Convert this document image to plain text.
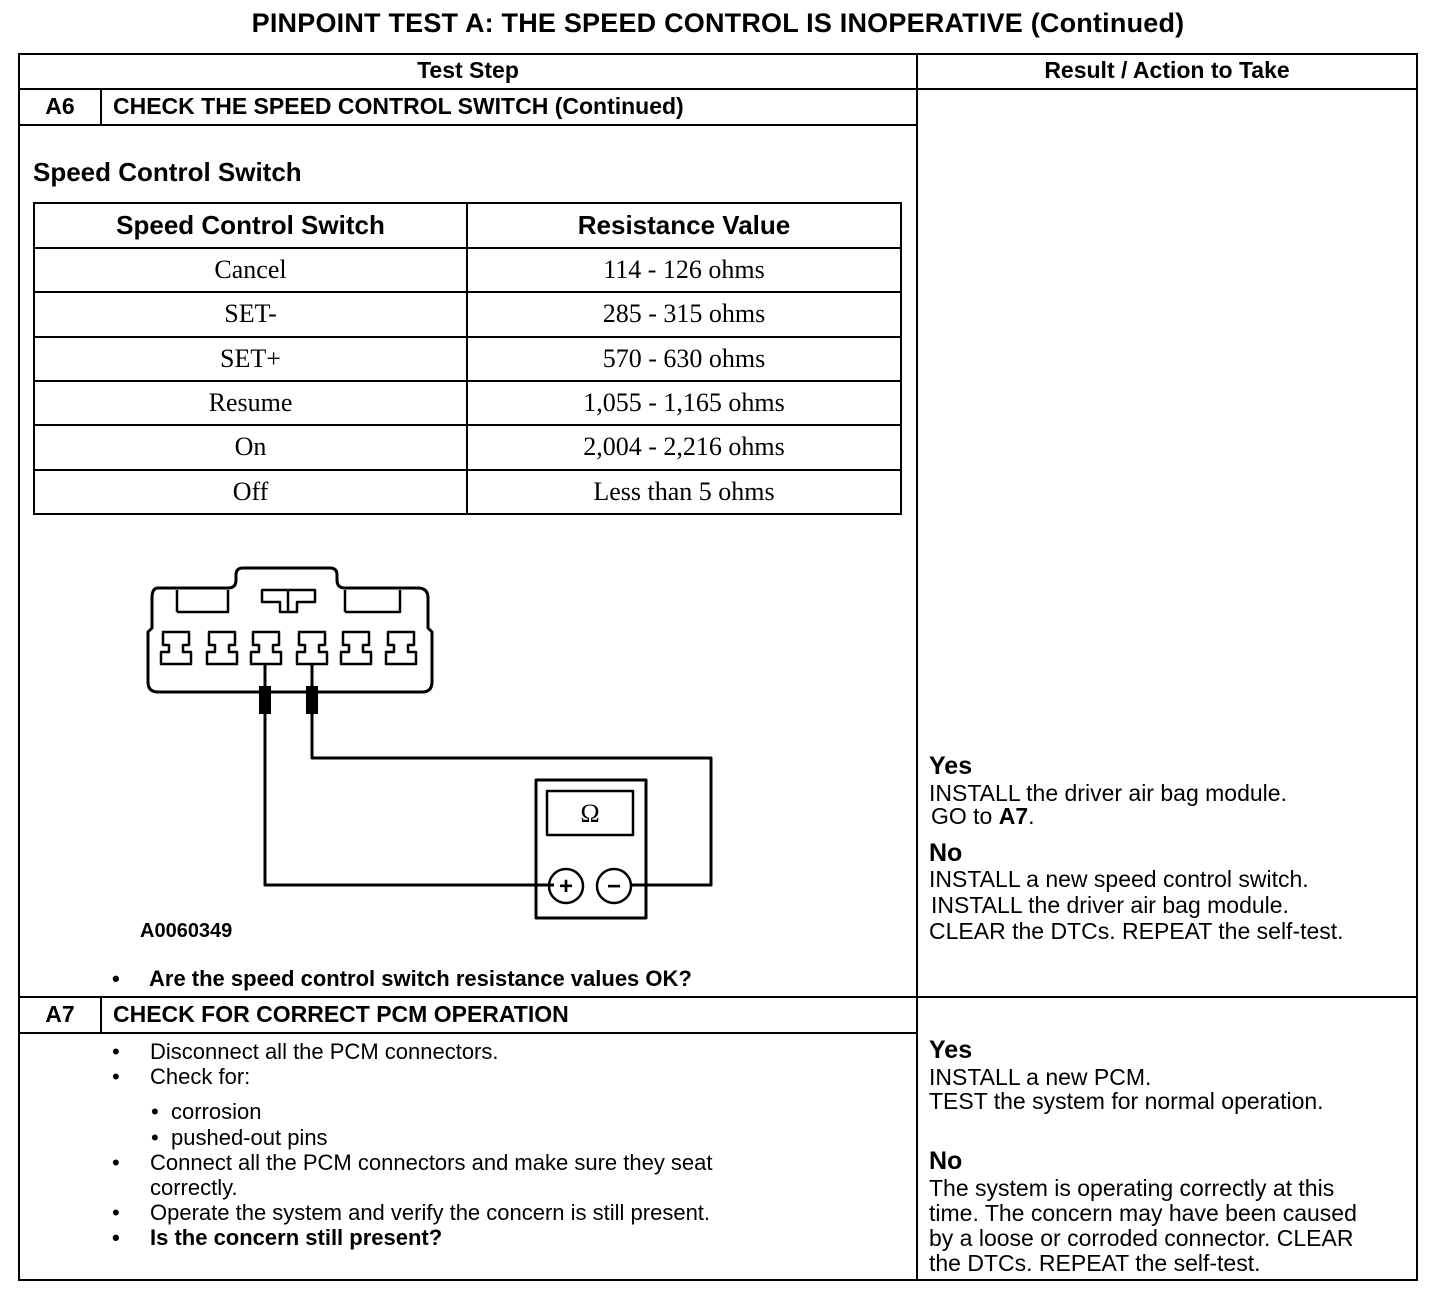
PINPOINT TEST A: THE SPEED CONTROL IS INOPERATIVE (Continued)
Test Step	Result / Action to Take
A6	CHECK THE SPEED CONTROL SWITCH (Continued)
Speed Control Switch
Speed Control Switch	Resistance Value
Cancel	114 - 126 ohms
SET-	285 - 315 ohms
SET+	570 - 630 ohms
Resume	1,055 - 1,165 ohms
On	2,004 - 2,216 ohms
Off	Less than 5 ohms
Ω
+ −
A0060349
• Are the speed control switch resistance values OK?
Yes
INSTALL the driver air bag module.
GO to A7.
No
INSTALL a new speed control switch.
INSTALL the driver air bag module.
CLEAR the DTCs. REPEAT the self-test.
A7	CHECK FOR CORRECT PCM OPERATION
• Disconnect all the PCM connectors.
• Check for:
• corrosion
• pushed-out pins
• Connect all the PCM connectors and make sure they seat
correctly.
• Operate the system and verify the concern is still present.
• Is the concern still present?
Yes
INSTALL a new PCM.
TEST the system for normal operation.
No
The system is operating correctly at this
time. The concern may have been caused
by a loose or corroded connector. CLEAR
the DTCs. REPEAT the self-test.
